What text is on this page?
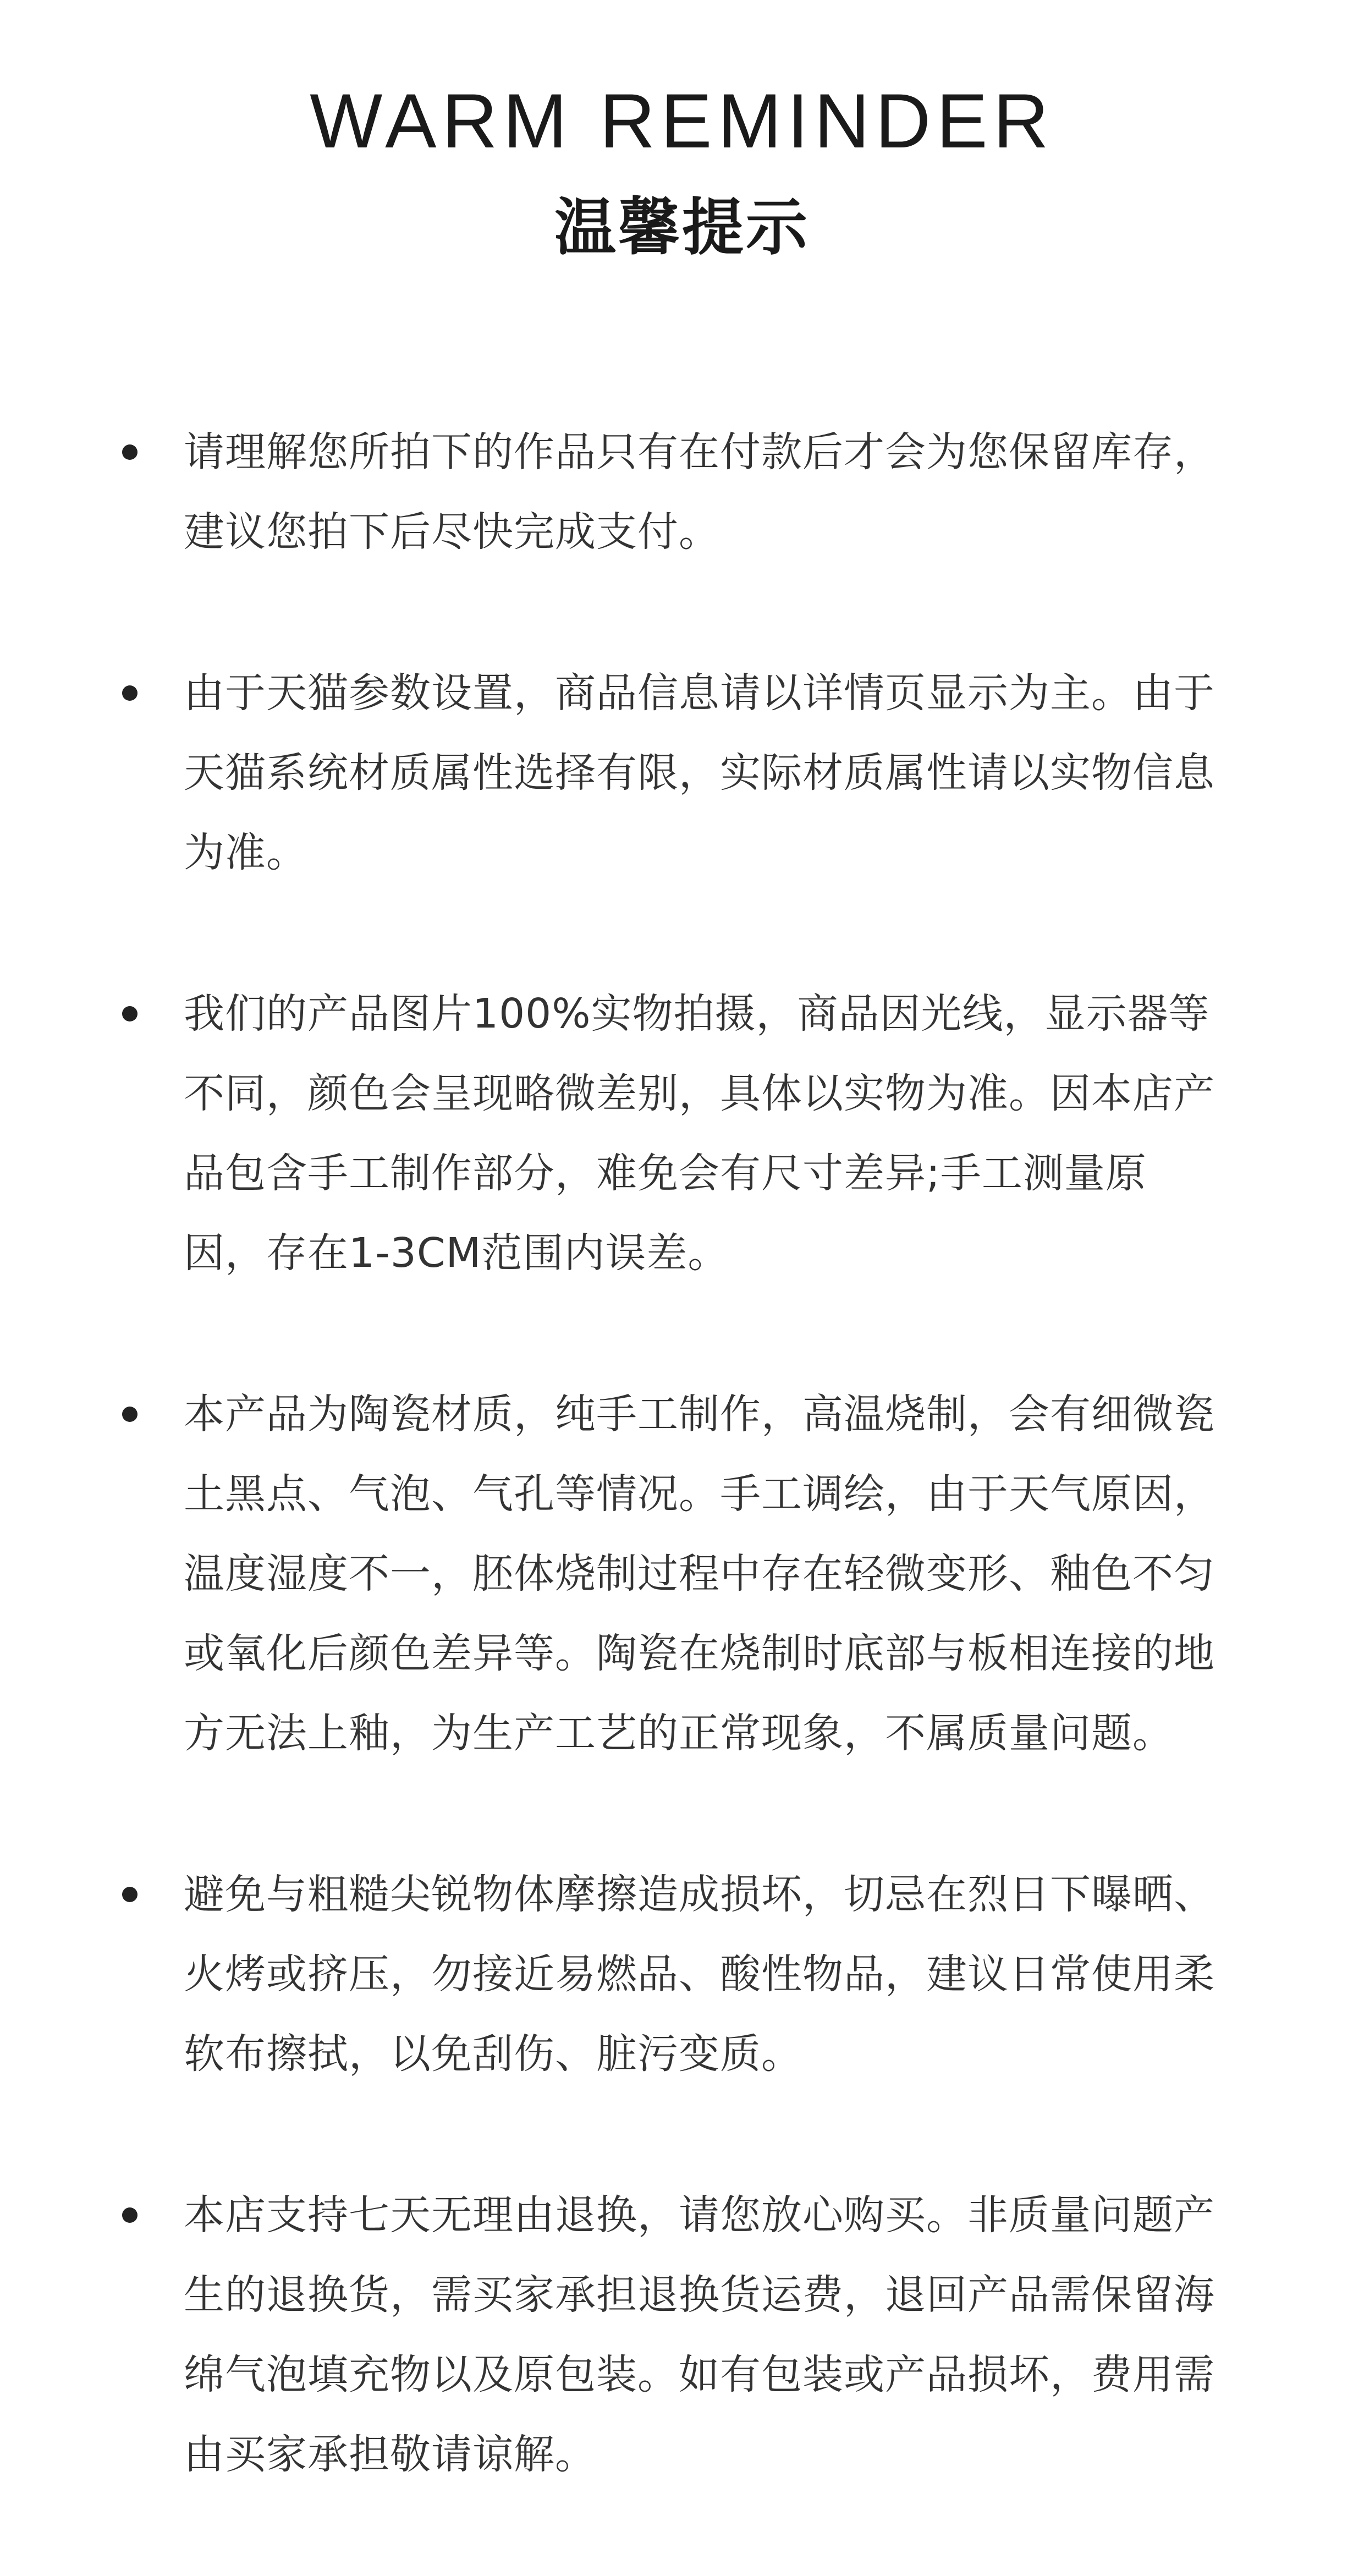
WARM REMINDER
温馨提示
请理解您所拍下的作品只有在付款后才会为您保留库存，建议您拍下后尽快完成支付。
由于天猫参数设置，商品信息请以详情页显示为主。由于天猫系统材质属性选择有限，实际材质属性请以实物信息为准。
我们的产品图片100%实物拍摄，商品因光线，显示器等不同，颜色会呈现略微差别，具体以实物为准。因本店产品包含手工制作部分，难免会有尺寸差异;手工测量原因，存在1-3CM范围内误差。
本产品为陶瓷材质，纯手工制作，高温烧制，会有细微瓷土黑点、气泡、气孔等情况。手工调绘，由于天气原因，温度湿度不一，胚体烧制过程中存在轻微变形、釉色不匀或氧化后颜色差异等。陶瓷在烧制时底部与板相连接的地方无法上釉，为生产工艺的正常现象，不属质量问题。
避免与粗糙尖锐物体摩擦造成损坏，切忌在烈日下曝晒、火烤或挤压，勿接近易燃品、酸性物品，建议日常使用柔软布擦拭，以免刮伤、脏污变质。
本店支持七天无理由退换，请您放心购买。非质量问题产生的退换货，需买家承担退换货运费，退回产品需保留海绵气泡填充物以及原包装。如有包装或产品损坏，费用需由买家承担敬请谅解。
